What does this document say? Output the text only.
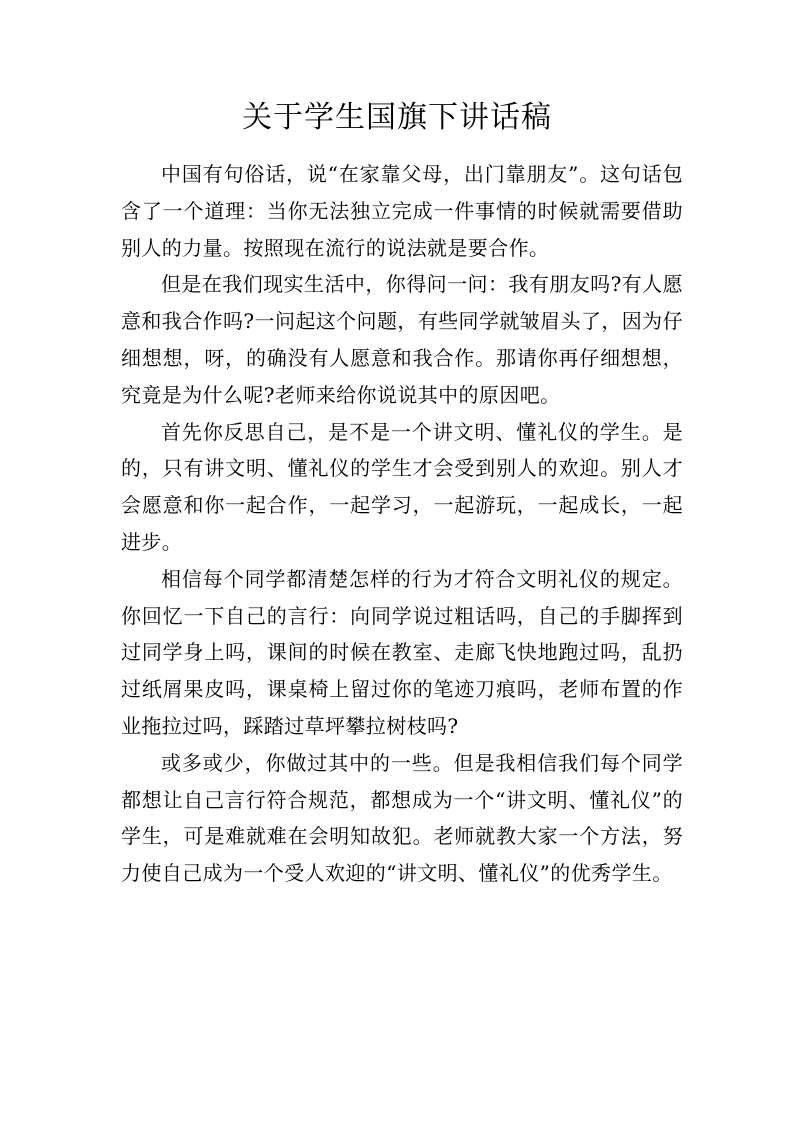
关于学生国旗下讲话稿

中国有句俗话，说“在家靠父母，出门靠朋友”。这句话包含了一个道理：当你无法独立完成一件事情的时候就需要借助别人的力量。按照现在流行的说法就是要合作。

但是在我们现实生活中，你得问一问：我有朋友吗?有人愿意和我合作吗?一问起这个问题，有些同学就皱眉头了，因为仔细想想，呀，的确没有人愿意和我合作。那请你再仔细想想，究竟是为什么呢?老师来给你说说其中的原因吧。

首先你反思自己，是不是一个讲文明、懂礼仪的学生。是的，只有讲文明、懂礼仪的学生才会受到别人的欢迎。别人才会愿意和你一起合作，一起学习，一起游玩，一起成长，一起进步。

相信每个同学都清楚怎样的行为才符合文明礼仪的规定。你回忆一下自己的言行：向同学说过粗话吗，自己的手脚挥到过同学身上吗，课间的时候在教室、走廊飞快地跑过吗，乱扔过纸屑果皮吗，课桌椅上留过你的笔迹刀痕吗，老师布置的作业拖拉过吗，踩踏过草坪攀拉树枝吗?

或多或少，你做过其中的一些。但是我相信我们每个同学都想让自己言行符合规范，都想成为一个“讲文明、懂礼仪”的学生，可是难就难在会明知故犯。老师就教大家一个方法，努力使自己成为一个受人欢迎的“讲文明、懂礼仪”的优秀学生。
